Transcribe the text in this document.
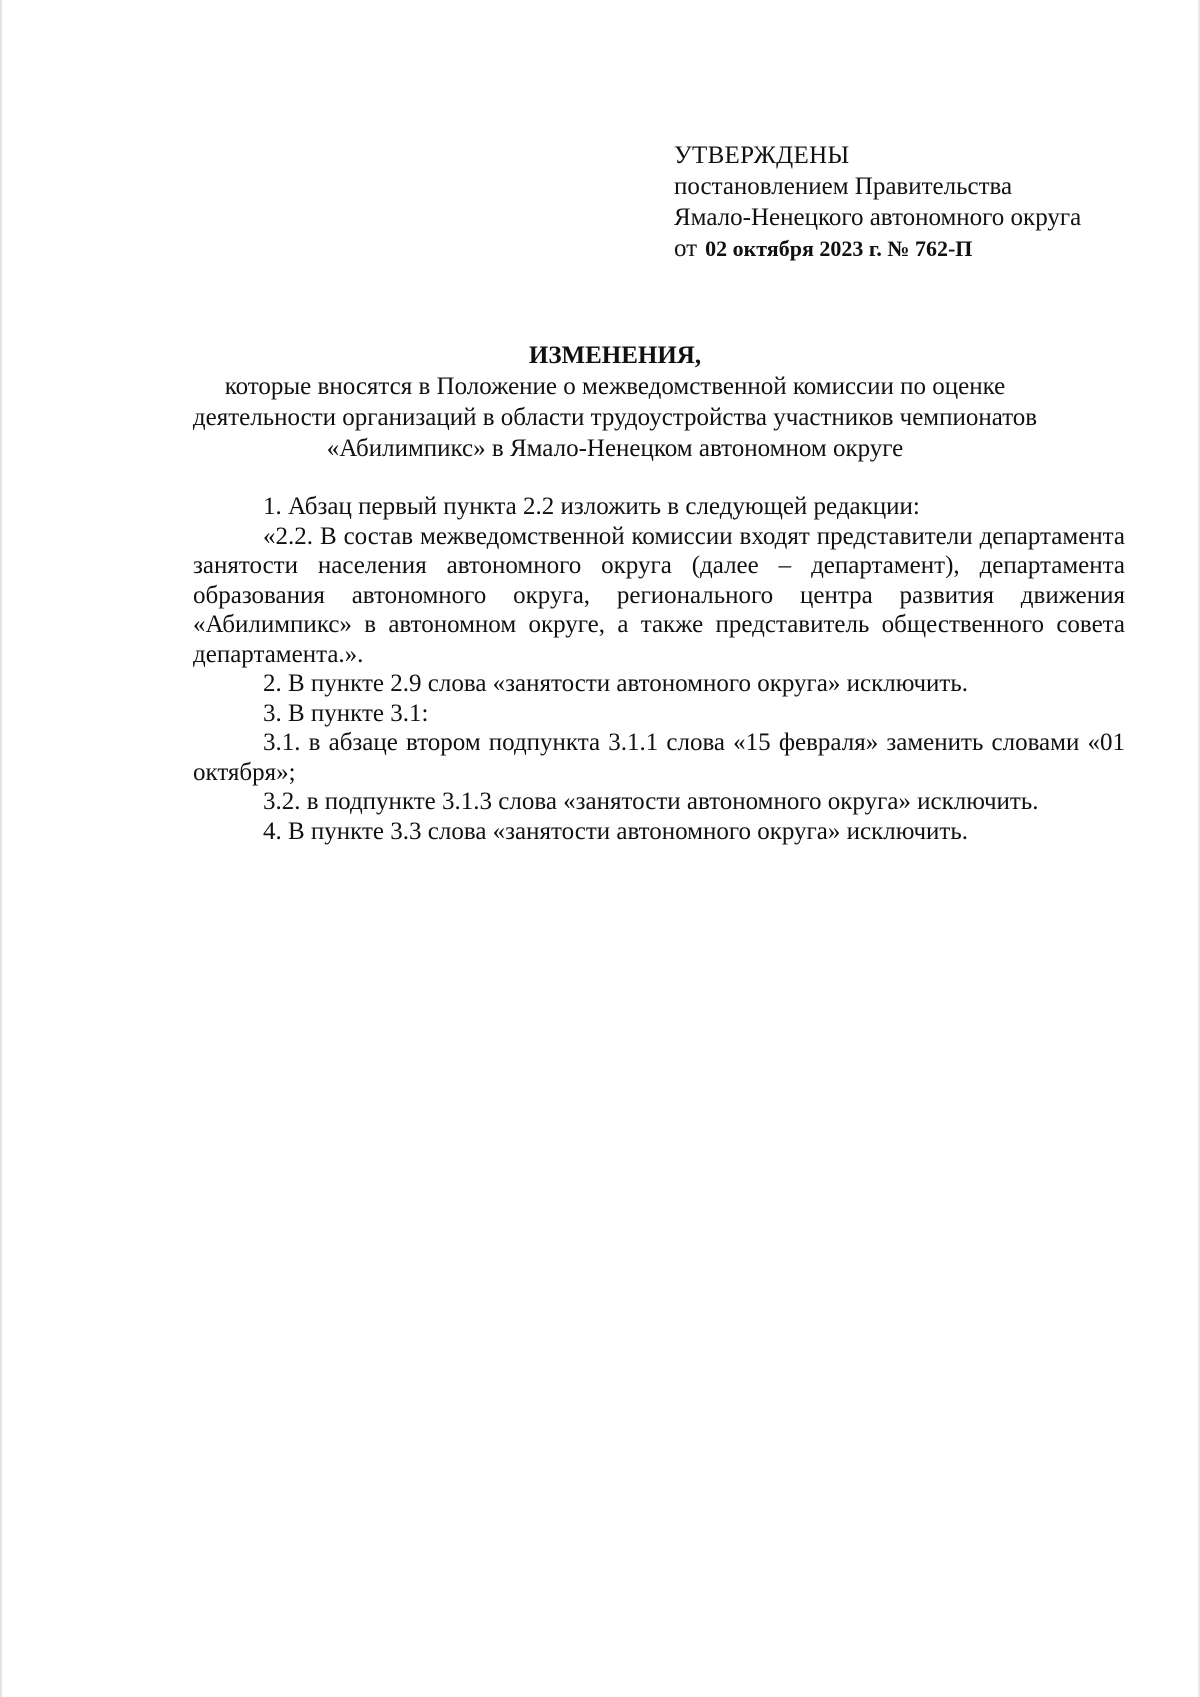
УТВЕРЖДЕНЫ

постановлением Правительства

Ямало-Ненецкого автономного округа

от 02 октября 2023 г. № 762-П

ИЗМЕНЕНИЯ,

которые вносятся в Положение о межведомственной комиссии по оценке

деятельности организаций в области трудоустройства участников чемпионатов

«Абилимпикс» в Ямало-Ненецком автономном округе

1. Абзац первый пункта 2.2 изложить в следующей редакции:

«2.2. В состав межведомственной комиссии входят представители департамента занятости населения автономного округа (далее – департамент), департамента образования автономного округа, регионального центра развития движения «Абилимпикс» в автономном округе, а также представитель общественного совета департамента.».

2. В пункте 2.9 слова «занятости автономного округа» исключить.

3. В пункте 3.1:

3.1. в абзаце втором подпункта 3.1.1 слова «15 февраля» заменить словами «01 октября»;

3.2. в подпункте 3.1.3 слова «занятости автономного округа» исключить.

4. В пункте 3.3 слова «занятости автономного округа» исключить.
